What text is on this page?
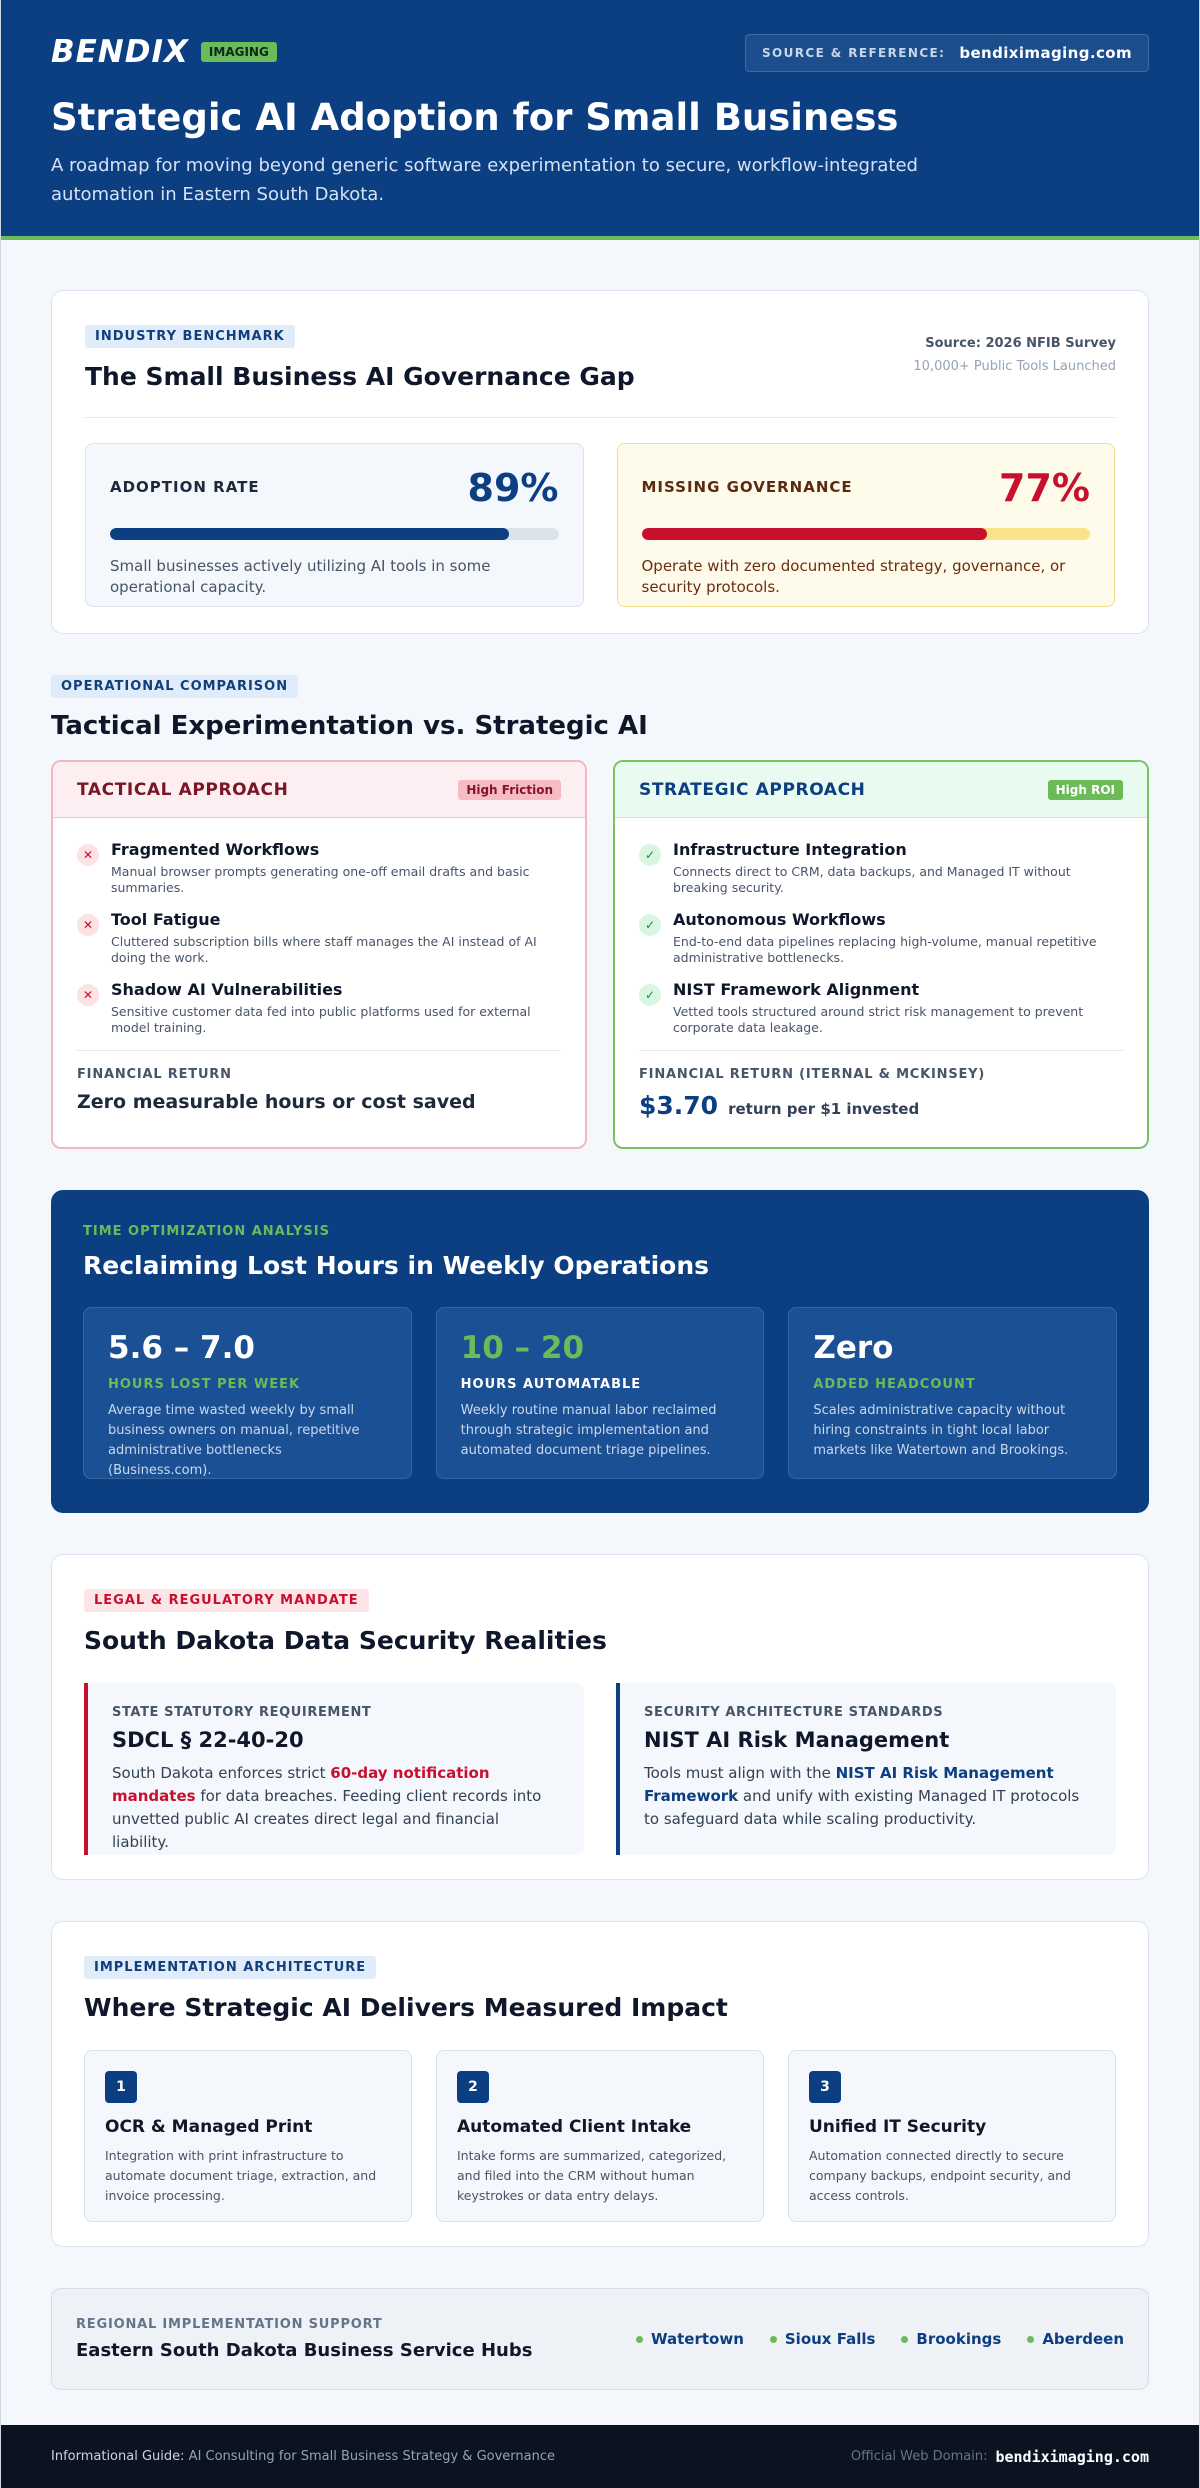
BENDIX	IMAGING	SOURCE & REFERENCE: bendiximaging.com
Strategic AI Adoption for Small Business
A roadmap for moving beyond generic software experimentation to secure, workflow-integrated automation in Eastern South Dakota.
INDUSTRY BENCHMARK
The Small Business AI Governance Gap
Source: 2026 NFIB Survey
10,000+ Public Tools Launched
ADOPTION RATE	89%
Small businesses actively utilizing AI tools in some operational capacity.
MISSING GOVERNANCE	77%
Operate with zero documented strategy, governance, or security protocols.
OPERATIONAL COMPARISON
Tactical Experimentation vs. Strategic AI
TACTICAL APPROACH	High Friction
✕	Fragmented Workflows
Manual browser prompts generating one-off email drafts and basic summaries.
✕	Tool Fatigue
Cluttered subscription bills where staff manages the AI instead of AI doing the work.
✕	Shadow AI Vulnerabilities
Sensitive customer data fed into public platforms used for external model training.
FINANCIAL RETURN
Zero measurable hours or cost saved
STRATEGIC APPROACH	High ROI
✓	Infrastructure Integration
Connects direct to CRM, data backups, and Managed IT without breaking security.
✓	Autonomous Workflows
End-to-end data pipelines replacing high-volume, manual repetitive administrative bottlenecks.
✓	NIST Framework Alignment
Vetted tools structured around strict risk management to prevent corporate data leakage.
FINANCIAL RETURN (ITERNAL & MCKINSEY)
$3.70 return per $1 invested
TIME OPTIMIZATION ANALYSIS
Reclaiming Lost Hours in Weekly Operations
5.6 – 7.0
HOURS LOST PER WEEK
Average time wasted weekly by small business owners on manual, repetitive administrative bottlenecks (Business.com).
10 – 20
HOURS AUTOMATABLE
Weekly routine manual labor reclaimed through strategic implementation and automated document triage pipelines.
Zero
ADDED HEADCOUNT
Scales administrative capacity without hiring constraints in tight local labor markets like Watertown and Brookings.
LEGAL & REGULATORY MANDATE
South Dakota Data Security Realities
STATE STATUTORY REQUIREMENT
SDCL § 22-40-20
South Dakota enforces strict 60-day notification mandates for data breaches. Feeding client records into unvetted public AI creates direct legal and financial liability.
SECURITY ARCHITECTURE STANDARDS
NIST AI Risk Management
Tools must align with the NIST AI Risk Management Framework and unify with existing Managed IT protocols to safeguard data while scaling productivity.
IMPLEMENTATION ARCHITECTURE
Where Strategic AI Delivers Measured Impact
1
OCR & Managed Print
Integration with print infrastructure to automate document triage, extraction, and invoice processing.
2
Automated Client Intake
Intake forms are summarized, categorized, and filed into the CRM without human keystrokes or data entry delays.
3
Unified IT Security
Automation connected directly to secure company backups, endpoint security, and access controls.
REGIONAL IMPLEMENTATION SUPPORT
Eastern South Dakota Business Service Hubs
Watertown	Sioux Falls	Brookings	Aberdeen
Informational Guide: AI Consulting for Small Business Strategy & Governance	Official Web Domain: bendiximaging.com
